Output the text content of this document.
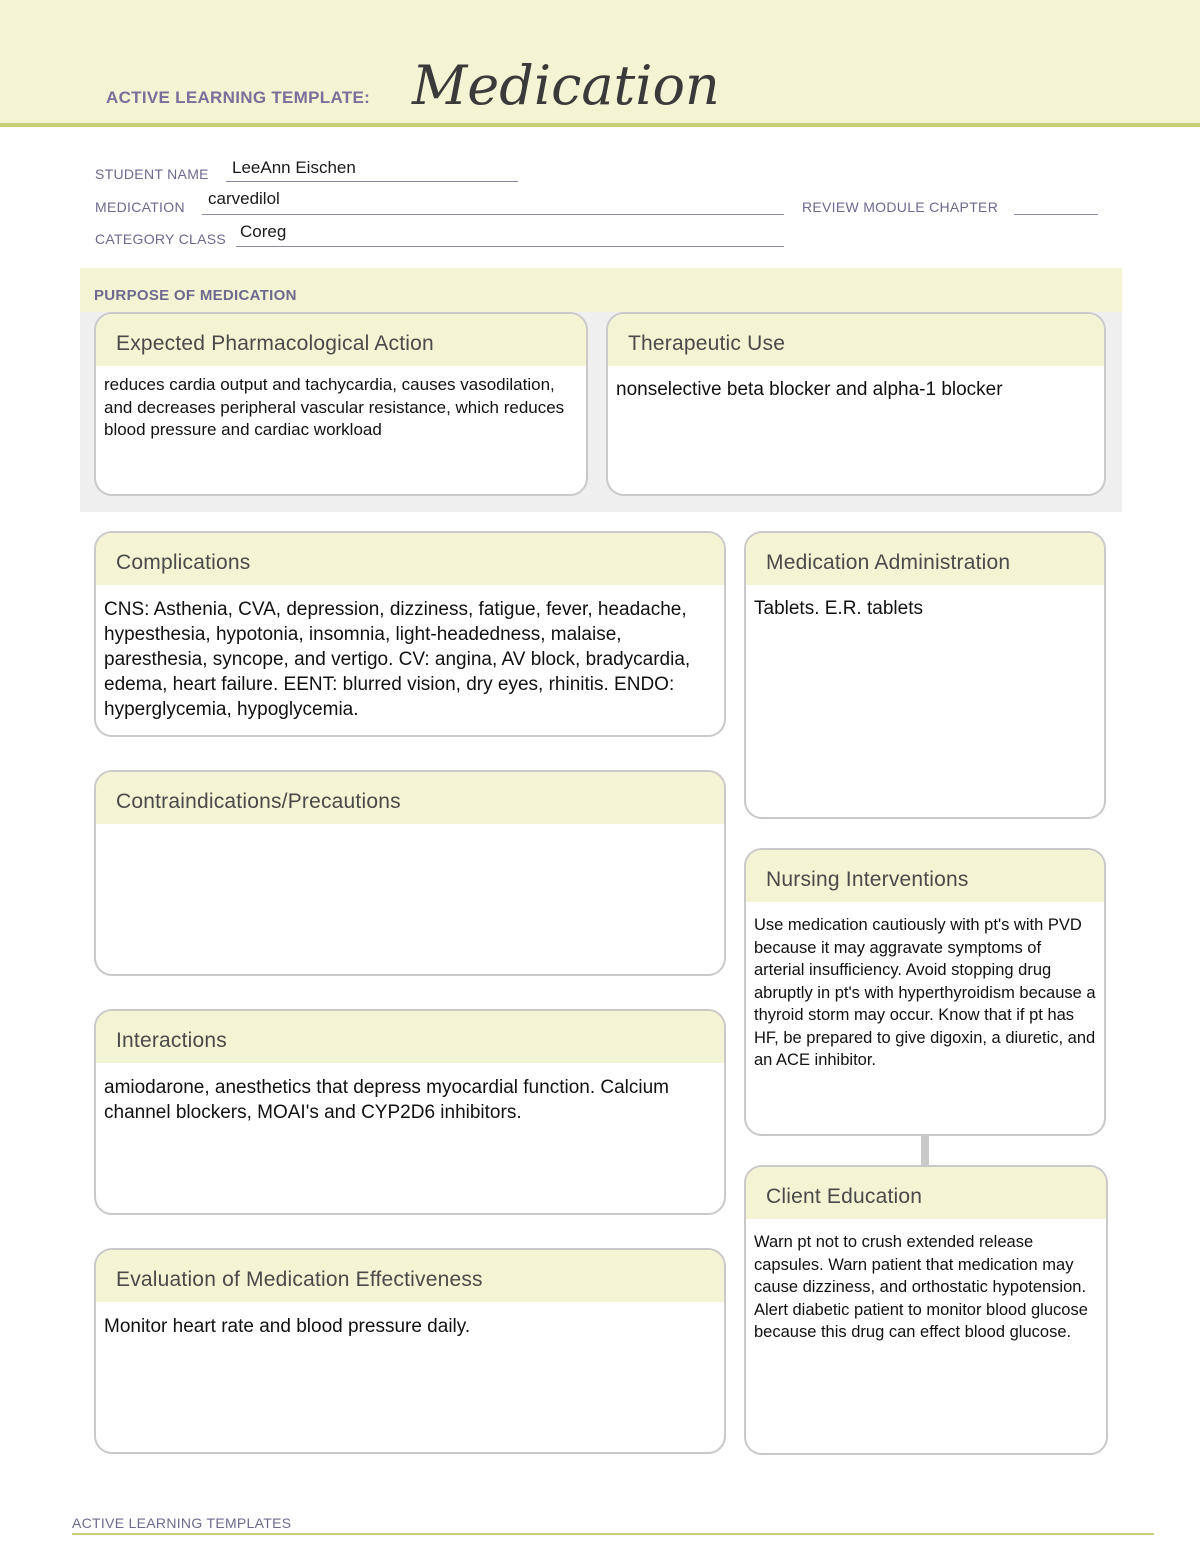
ACTIVE LEARNING TEMPLATE: Medication
STUDENT NAME LeeAnn Eischen
MEDICATION carvedilol	REVIEW MODULE CHAPTER
CATEGORY CLASS Coreg
PURPOSE OF MEDICATION
Expected Pharmacological Action
reduces cardia output and tachycardia, causes vasodilation, and decreases peripheral vascular resistance, which reduces blood pressure and cardiac workload
Therapeutic Use
nonselective beta blocker and alpha-1 blocker
Complications
CNS: Asthenia, CVA, depression, dizziness, fatigue, fever, headache, hypesthesia, hypotonia, insomnia, light-headedness, malaise, paresthesia, syncope, and vertigo. CV: angina, AV block, bradycardia, edema, heart failure. EENT: blurred vision, dry eyes, rhinitis. ENDO: hyperglycemia, hypoglycemia.
Contraindications/Precautions
Interactions
amiodarone, anesthetics that depress myocardial function. Calcium channel blockers, MOAI's and CYP2D6 inhibitors.
Evaluation of Medication Effectiveness
Monitor heart rate and blood pressure daily.
Medication Administration
Tablets. E.R. tablets
Nursing Interventions
Use medication cautiously with pt's with PVD because it may aggravate symptoms of arterial insufficiency. Avoid stopping drug abruptly in pt's with hyperthyroidism because a thyroid storm may occur. Know that if pt has HF, be prepared to give digoxin, a diuretic, and an ACE inhibitor.
Client Education
Warn pt not to crush extended release capsules. Warn patient that medication may cause dizziness, and orthostatic hypotension. Alert diabetic patient to monitor blood glucose because this drug can effect blood glucose.
ACTIVE LEARNING TEMPLATES
